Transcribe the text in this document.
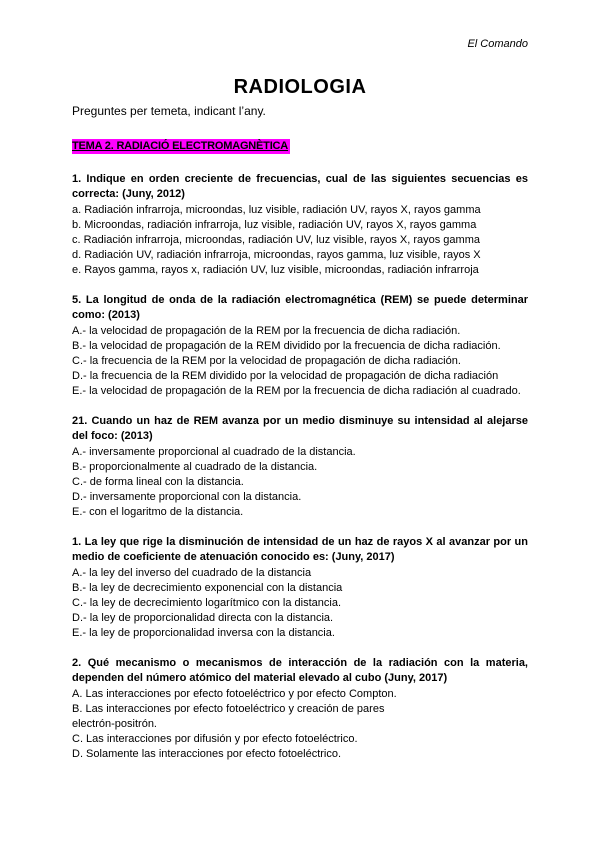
El Comando
RADIOLOGIA
Preguntes per temeta, indicant l’any.
TEMA 2. RADIACIÓ ELECTROMAGNÈTICA
1. Indique en orden creciente de frecuencias, cual de las siguientes secuencias es correcta: (Juny, 2012)
a. Radiación infrarroja, microondas, luz visible, radiación UV, rayos X, rayos gamma
b. Microondas, radiación infrarroja, luz visible, radiación UV, rayos X, rayos gamma
c. Radiación infrarroja, microondas, radiación UV, luz visible, rayos X, rayos gamma
d. Radiación UV, radiación infrarroja, microondas, rayos gamma, luz visible, rayos X
e. Rayos gamma, rayos x, radiación UV, luz visible, microondas, radiación infrarroja
5. La longitud de onda de la radiación electromagnética (REM) se puede determinar como: (2013)
A.- la velocidad de propagación de la REM por la frecuencia de dicha radiación.
B.- la velocidad de propagación de la REM dividido por la frecuencia de dicha radiación.
C.- la frecuencia de la REM por la velocidad de propagación de dicha radiación.
D.- la frecuencia de la REM dividido por la velocidad de propagación de dicha radiación
E.- la velocidad de propagación de la REM por la frecuencia de dicha radiación al cuadrado.
21. Cuando un haz de REM avanza por un medio disminuye su intensidad al alejarse del foco: (2013)
A.- inversamente proporcional al cuadrado de la distancia.
B.- proporcionalmente al cuadrado de la distancia.
C.- de forma lineal con la distancia.
D.- inversamente proporcional con la distancia.
E.- con el logaritmo de la distancia.
1. La ley que rige la disminución de intensidad de un haz de rayos X al avanzar por un medio de coeficiente de atenuación conocido es: (Juny, 2017)
A.- la ley del inverso del cuadrado de la distancia
B.- la ley de decrecimiento exponencial con la distancia
C.- la ley de decrecimiento logarítmico con la distancia.
D.- la ley de proporcionalidad directa con la distancia.
E.- la ley de proporcionalidad inversa con la distancia.
2. Qué mecanismo o mecanismos de interacción de la radiación con la materia, dependen del número atómico del material elevado al cubo (Juny, 2017)
A. Las interacciones por efecto fotoeléctrico y por efecto Compton.
B. Las interacciones por efecto fotoeléctrico y creación de pares
electrón-positrón.
C. Las interacciones por difusión y por efecto fotoeléctrico.
D. Solamente las interacciones por efecto fotoeléctrico.
